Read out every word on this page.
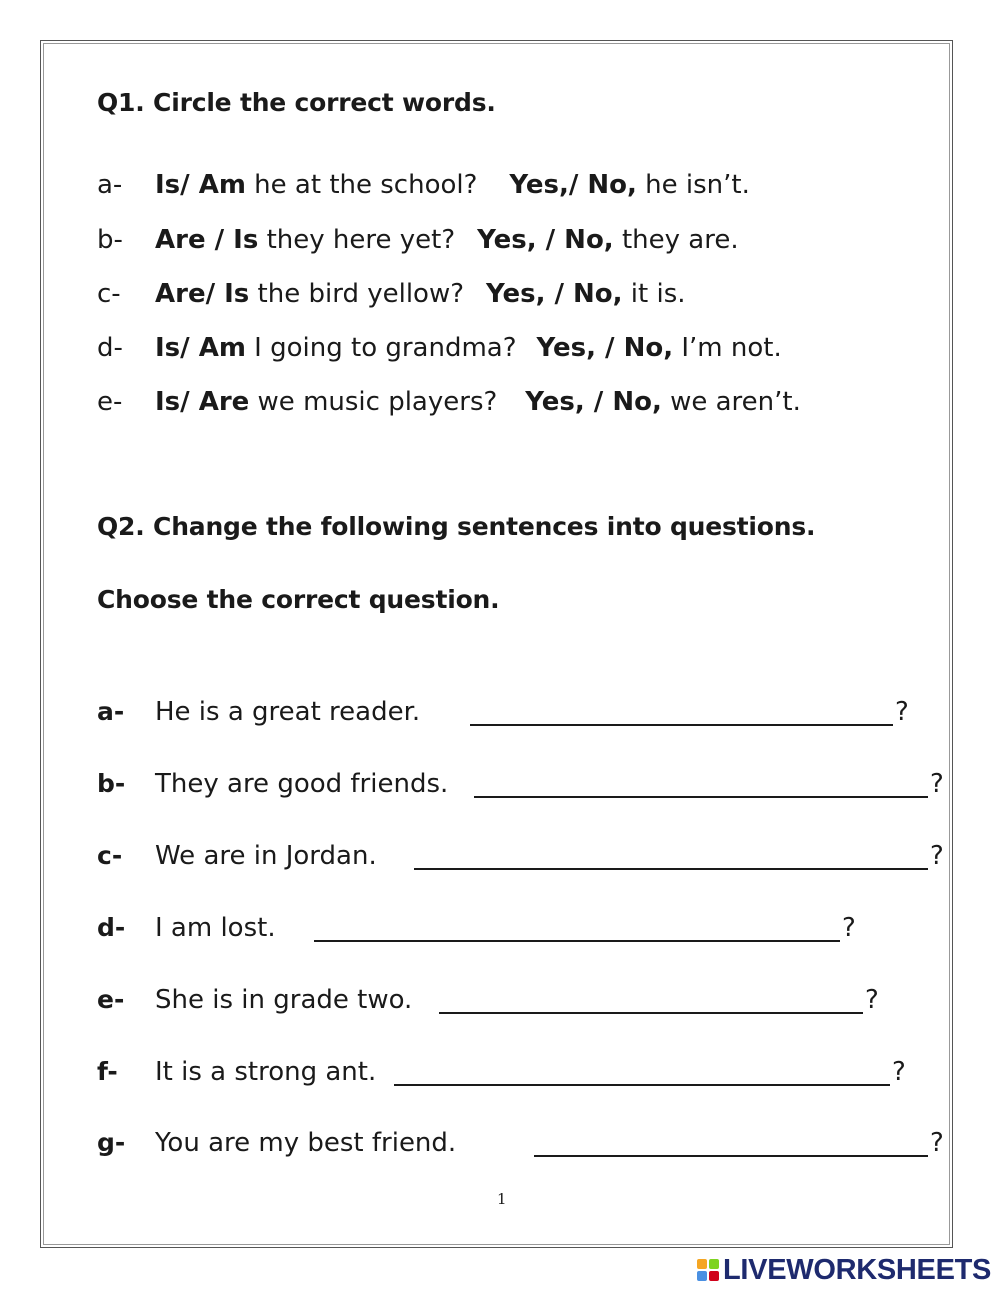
Q1. Circle the correct words.
a- Is/ Am he at the school? Yes,/ No, he isn’t.
b- Are / Is they here yet? Yes, / No, they are.
c- Are/ Is the bird yellow? Yes, / No, it is.
d- Is/ Am I going to grandma? Yes, / No, I’m not.
e- Is/ Are we music players? Yes, / No, we aren’t.
Q2. Change the following sentences into questions.
Choose the correct question.
a- He is a great reader.	?
b- They are good friends.	?
c- We are in Jordan.	?
d- I am lost.	?
e- She is in grade two.	?
f- It is a strong ant.	?
g- You are my best friend.	?
1
LIVEWORKSHEETS
